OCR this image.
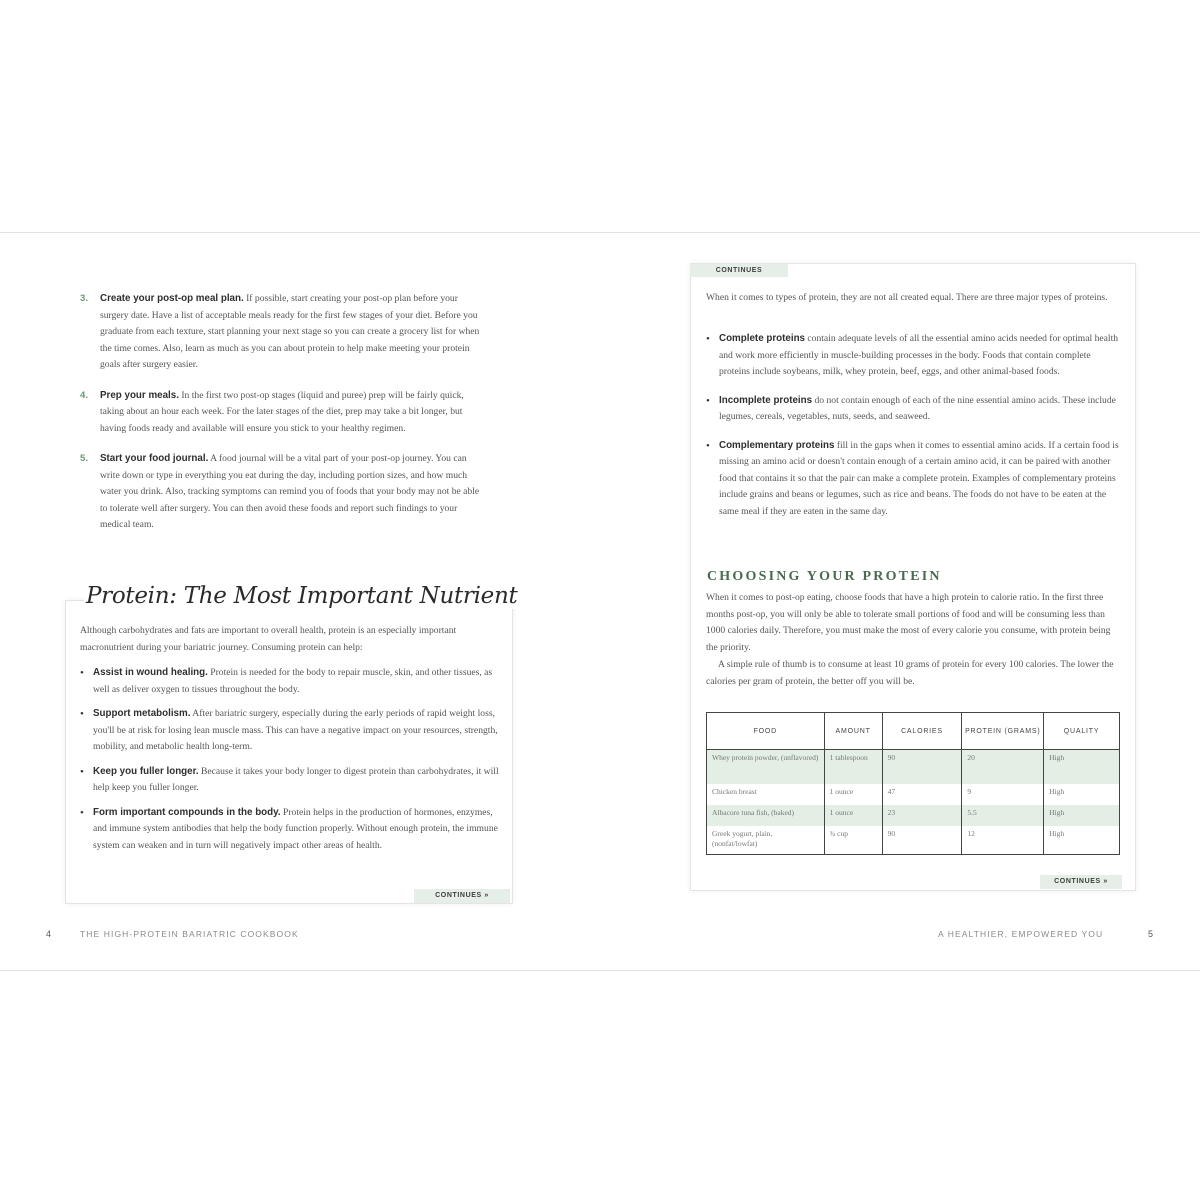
3. Create your post-op meal plan. If possible, start creating your post-op plan before your surgery date. Have a list of acceptable meals ready for the first few stages of your diet. Before you graduate from each texture, start planning your next stage so you can create a grocery list for when the time comes. Also, learn as much as you can about protein to help make meeting your protein goals after surgery easier.
4. Prep your meals. In the first two post-op stages (liquid and puree) prep will be fairly quick, taking about an hour each week. For the later stages of the diet, prep may take a bit longer, but having foods ready and available will ensure you stick to your healthy regimen.
5. Start your food journal. A food journal will be a vital part of your post-op journey. You can write down or type in everything you eat during the day, including portion sizes, and how much water you drink. Also, tracking symptoms can remind you of foods that your body may not be able to tolerate well after surgery. You can then avoid these foods and report such findings to your medical team.
Protein: The Most Important Nutrient

Although carbohydrates and fats are important to overall health, protein is an especially important macronutrient during your bariatric journey. Consuming protein can help:

• Assist in wound healing. Protein is needed for the body to repair muscle, skin, and other tissues, as well as deliver oxygen to tissues throughout the body.
• Support metabolism. After bariatric surgery, especially during the early periods of rapid weight loss, you'll be at risk for losing lean muscle mass. This can have a negative impact on your resources, strength, mobility, and metabolic health long-term.
• Keep you fuller longer. Because it takes your body longer to digest protein than carbohydrates, it will help keep you fuller longer.
• Form important compounds in the body. Protein helps in the production of hormones, enzymes, and immune system antibodies that help the body function properly. Without enough protein, the immune system can weaken and in turn will negatively impact other areas of health.
CONTINUES »
4	THE HIGH-PROTEIN BARIATRIC COOKBOOK
CONTINUES

When it comes to types of protein, they are not all created equal. There are three major types of proteins.

• Complete proteins contain adequate levels of all the essential amino acids needed for optimal health and work more efficiently in muscle-building processes in the body. Foods that contain complete proteins include soybeans, milk, whey protein, beef, eggs, and other animal-based foods.
• Incomplete proteins do not contain enough of each of the nine essential amino acids. These include legumes, cereals, vegetables, nuts, seeds, and seaweed.
• Complementary proteins fill in the gaps when it comes to essential amino acids. If a certain food is missing an amino acid or doesn't contain enough of a certain amino acid, it can be paired with another food that contains it so that the pair can make a complete protein. Examples of complementary proteins include grains and beans or legumes, such as rice and beans. The foods do not have to be eaten at the same meal if they are eaten in the same day.
CHOOSING YOUR PROTEIN

When it comes to post-op eating, choose foods that have a high protein to calorie ratio. In the first three months post-op, you will only be able to tolerate small portions of food and will be consuming less than 1000 calories daily. Therefore, you must make the most of every calorie you consume, with protein being the priority.

A simple rule of thumb is to consume at least 10 grams of protein for every 100 calories. The lower the calories per gram of protein, the better off you will be.

FOOD	AMOUNT	CALORIES	PROTEIN (GRAMS)	QUALITY
Whey protein powder, (unflavored)	1 tablespoon	90	20	High
Chicken breast	1 ounce	47	9	High
Albacore tuna fish, (baked)	1 ounce	23	5.5	High
Greek yogurt, plain, (nonfat/lowfat)	¾ cup	90	12	High
CONTINUES »
A HEALTHIER, EMPOWERED YOU	5
